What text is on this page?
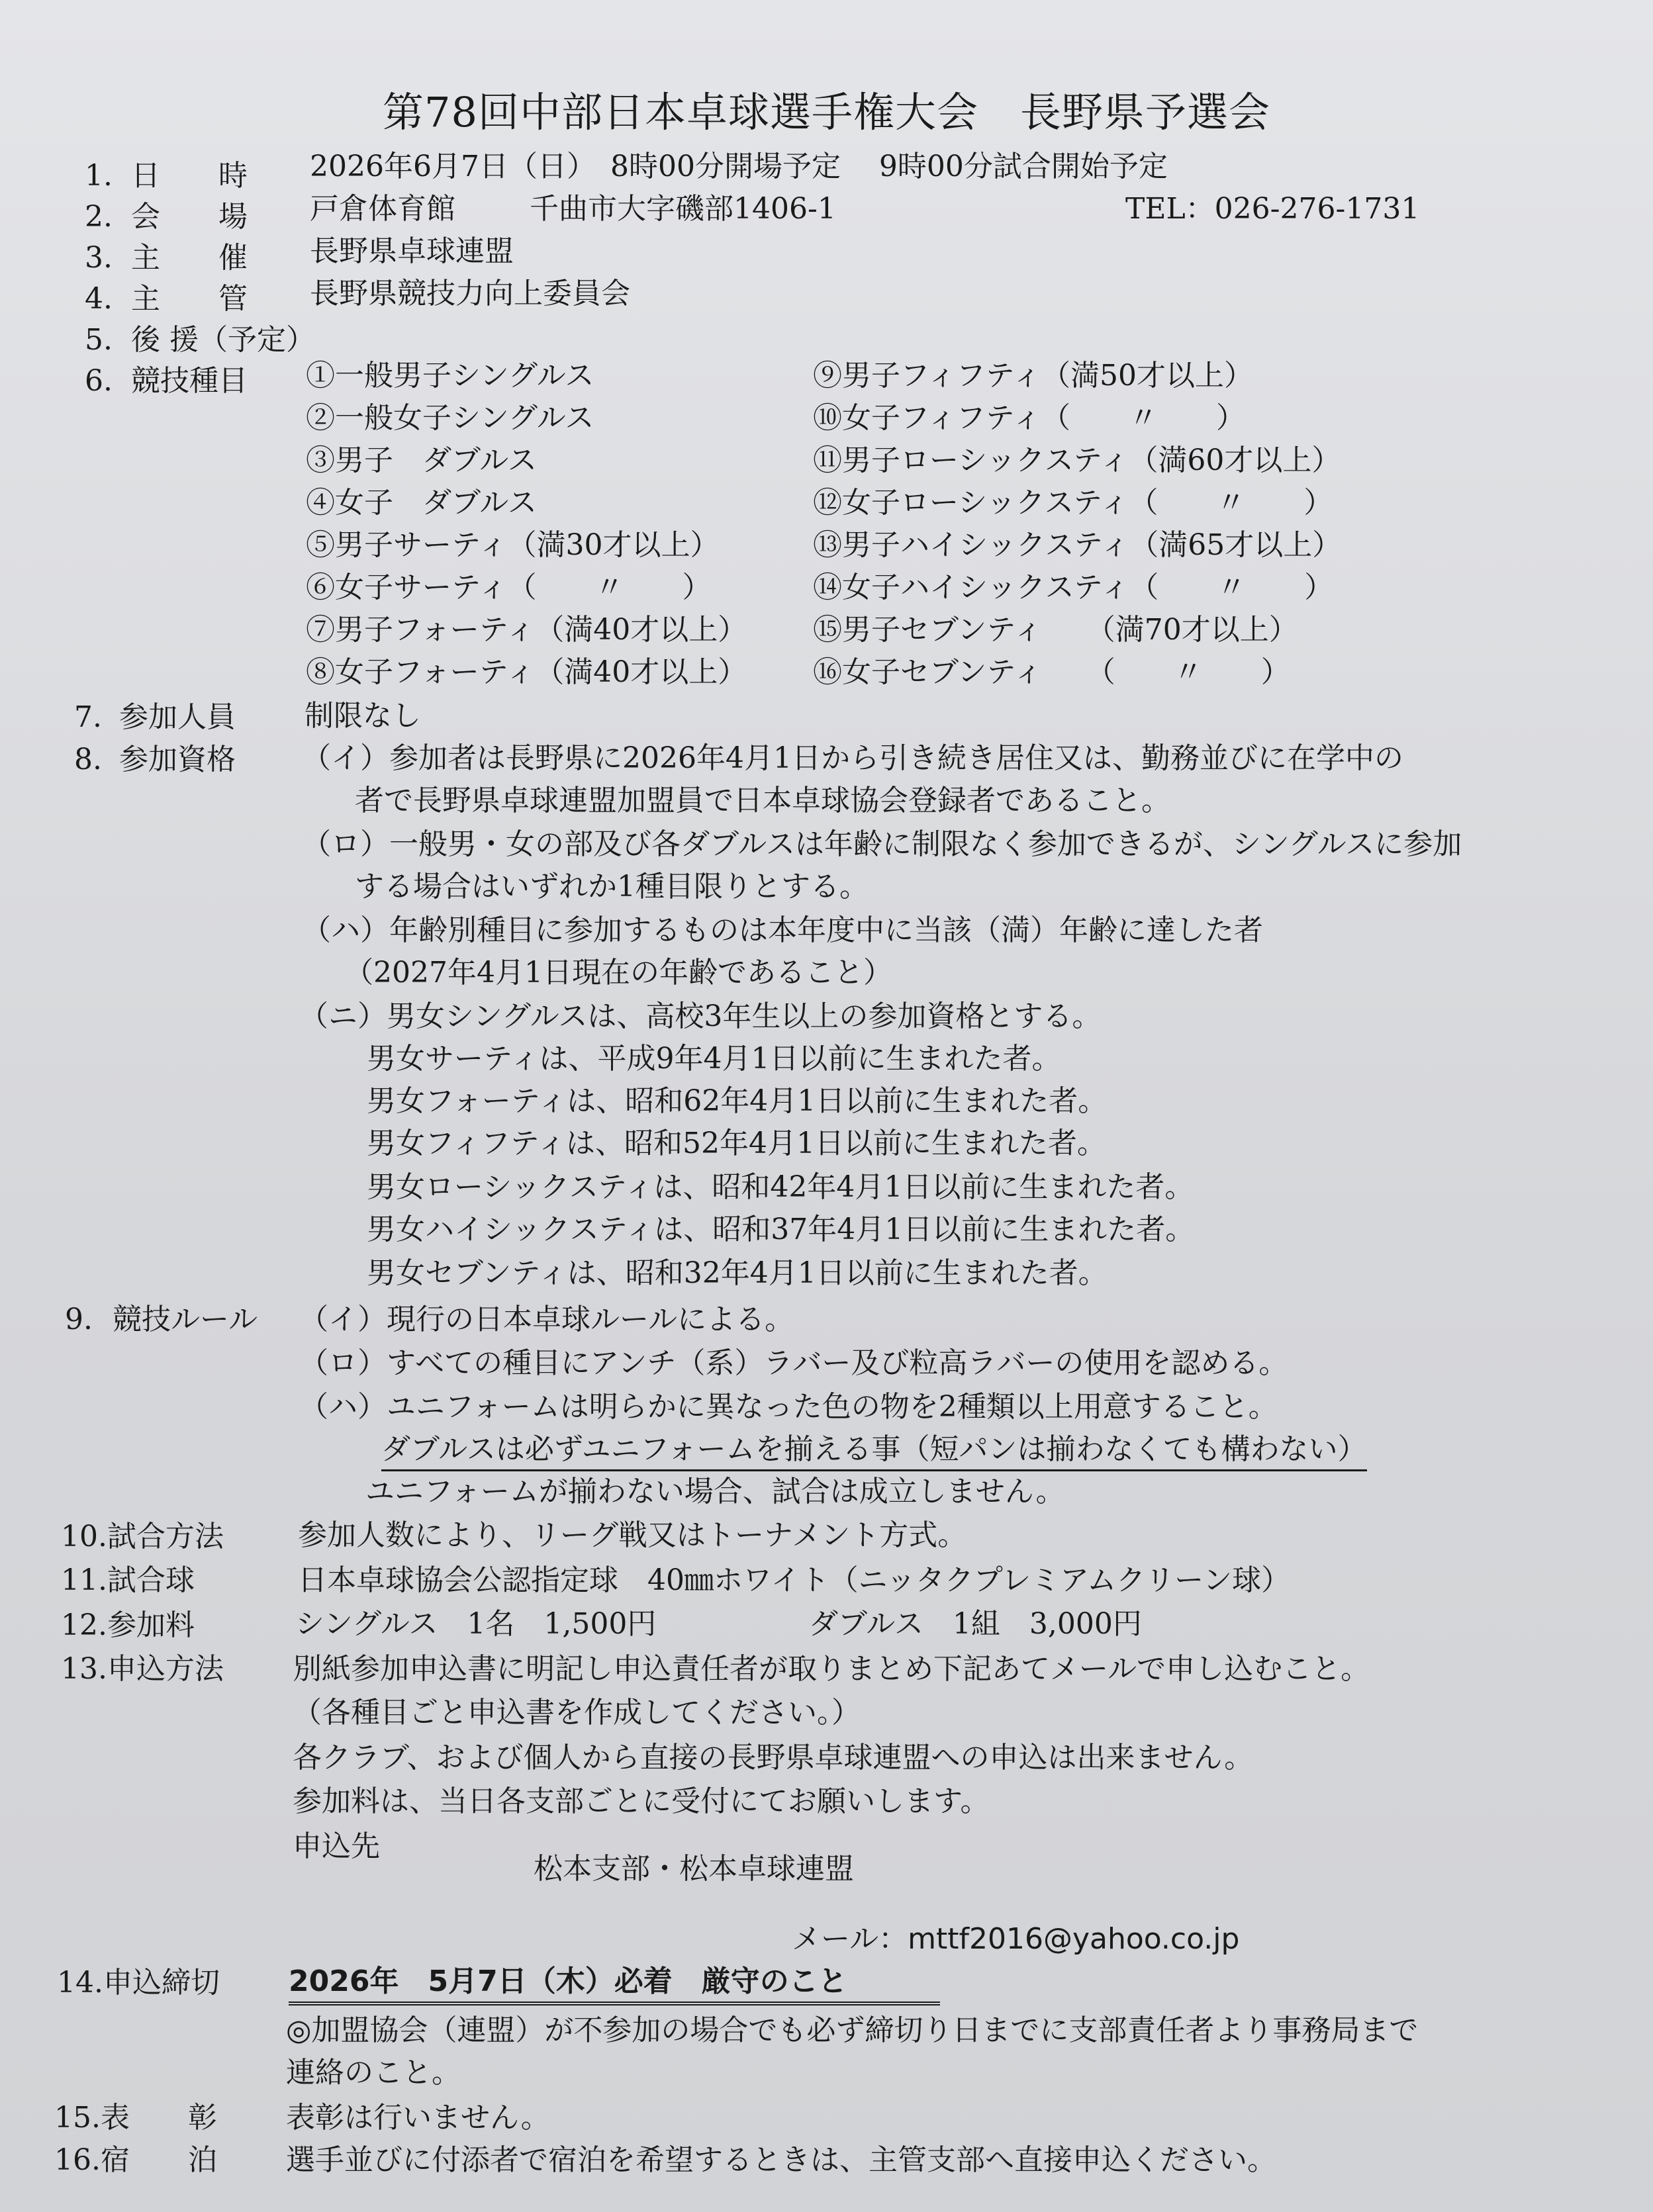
第78回中部日本卓球選手権大会　長野県予選会
1. 日　　時 2026年6月7日（日）　8時00分開場予定　 9時00分試合開始予定
2. 会　　場 戸倉体育館	千曲市大字磯部1406-1	TEL：026-276-1731
3. 主　　催 長野県卓球連盟
4. 主　　管 長野県競技力向上委員会
5. 後 援（予定）
6. 競技種目 ①一般男子シングルス
②一般女子シングルス
③男子　ダブルス
④女子　ダブルス
⑤男子サーティ（満30才以上）
⑥女子サーティ（　　〃　　）
⑦男子フォーティ（満40才以上）
⑧女子フォーティ（満40才以上）
⑨男子フィフティ（満50才以上）
⑩女子フィフティ（　　〃　　）
⑪男子ローシックスティ（満60才以上）
⑫女子ローシックスティ（　　〃　　）
⑬男子ハイシックスティ（満65才以上）
⑭女子ハイシックスティ（　　〃　　）
⑮男子セブンティ　　（満70才以上）
⑯女子セブンティ　　（　　〃　　）
7. 参加人員 制限なし
8. 参加資格 （イ）参加者は長野県に2026年4月1日から引き続き居住又は、勤務並びに在学中の
者で長野県卓球連盟加盟員で日本卓球協会登録者であること。
（ロ）一般男・女の部及び各ダブルスは年齢に制限なく参加できるが、シングルスに参加
する場合はいずれか1種目限りとする。
（ハ）年齢別種目に参加するものは本年度中に当該（満）年齢に達した者
（2027年4月1日現在の年齢であること）
（ニ）男女シングルスは、高校3年生以上の参加資格とする。
男女サーティは、平成9年4月1日以前に生まれた者。
男女フォーティは、昭和62年4月1日以前に生まれた者。
男女フィフティは、昭和52年4月1日以前に生まれた者。
男女ローシックスティは、昭和42年4月1日以前に生まれた者。
男女ハイシックスティは、昭和37年4月1日以前に生まれた者。
男女セブンティは、昭和32年4月1日以前に生まれた者。
9. 競技ルール （イ）現行の日本卓球ルールによる。
（ロ）すべての種目にアンチ（系）ラバー及び粒高ラバーの使用を認める。
（ハ）ユニフォームは明らかに異なった色の物を2種類以上用意すること。
ダブルスは必ずユニフォームを揃える事（短パンは揃わなくても構わない）
ユニフォームが揃わない場合、試合は成立しません。
10.試合方法	参加人数により、リーグ戦又はトーナメント方式。
11.試合球	日本卓球協会公認指定球　40㎜ホワイト（ニッタクプレミアムクリーン球）
12.参加料	シングルス　1名　1,500円	ダブルス　1組　3,000円
13.申込方法 別紙参加申込書に明記し申込責任者が取りまとめ下記あてメールで申し込むこと。
（各種目ごと申込書を作成してください。）
各クラブ、および個人から直接の長野県卓球連盟への申込は出来ません。
参加料は、当日各支部ごとに受付にてお願いします。
申込先
松本支部・松本卓球連盟
メール：mttf2016@yahoo.co.jp
14.申込締切 2026年　5月7日（木）必着　厳守のこと
◎加盟協会（連盟）が不参加の場合でも必ず締切り日までに支部責任者より事務局まで
連絡のこと。
15.表　　彰 表彰は行いません。
16.宿　　泊 選手並びに付添者で宿泊を希望するときは、主管支部へ直接申込ください。
